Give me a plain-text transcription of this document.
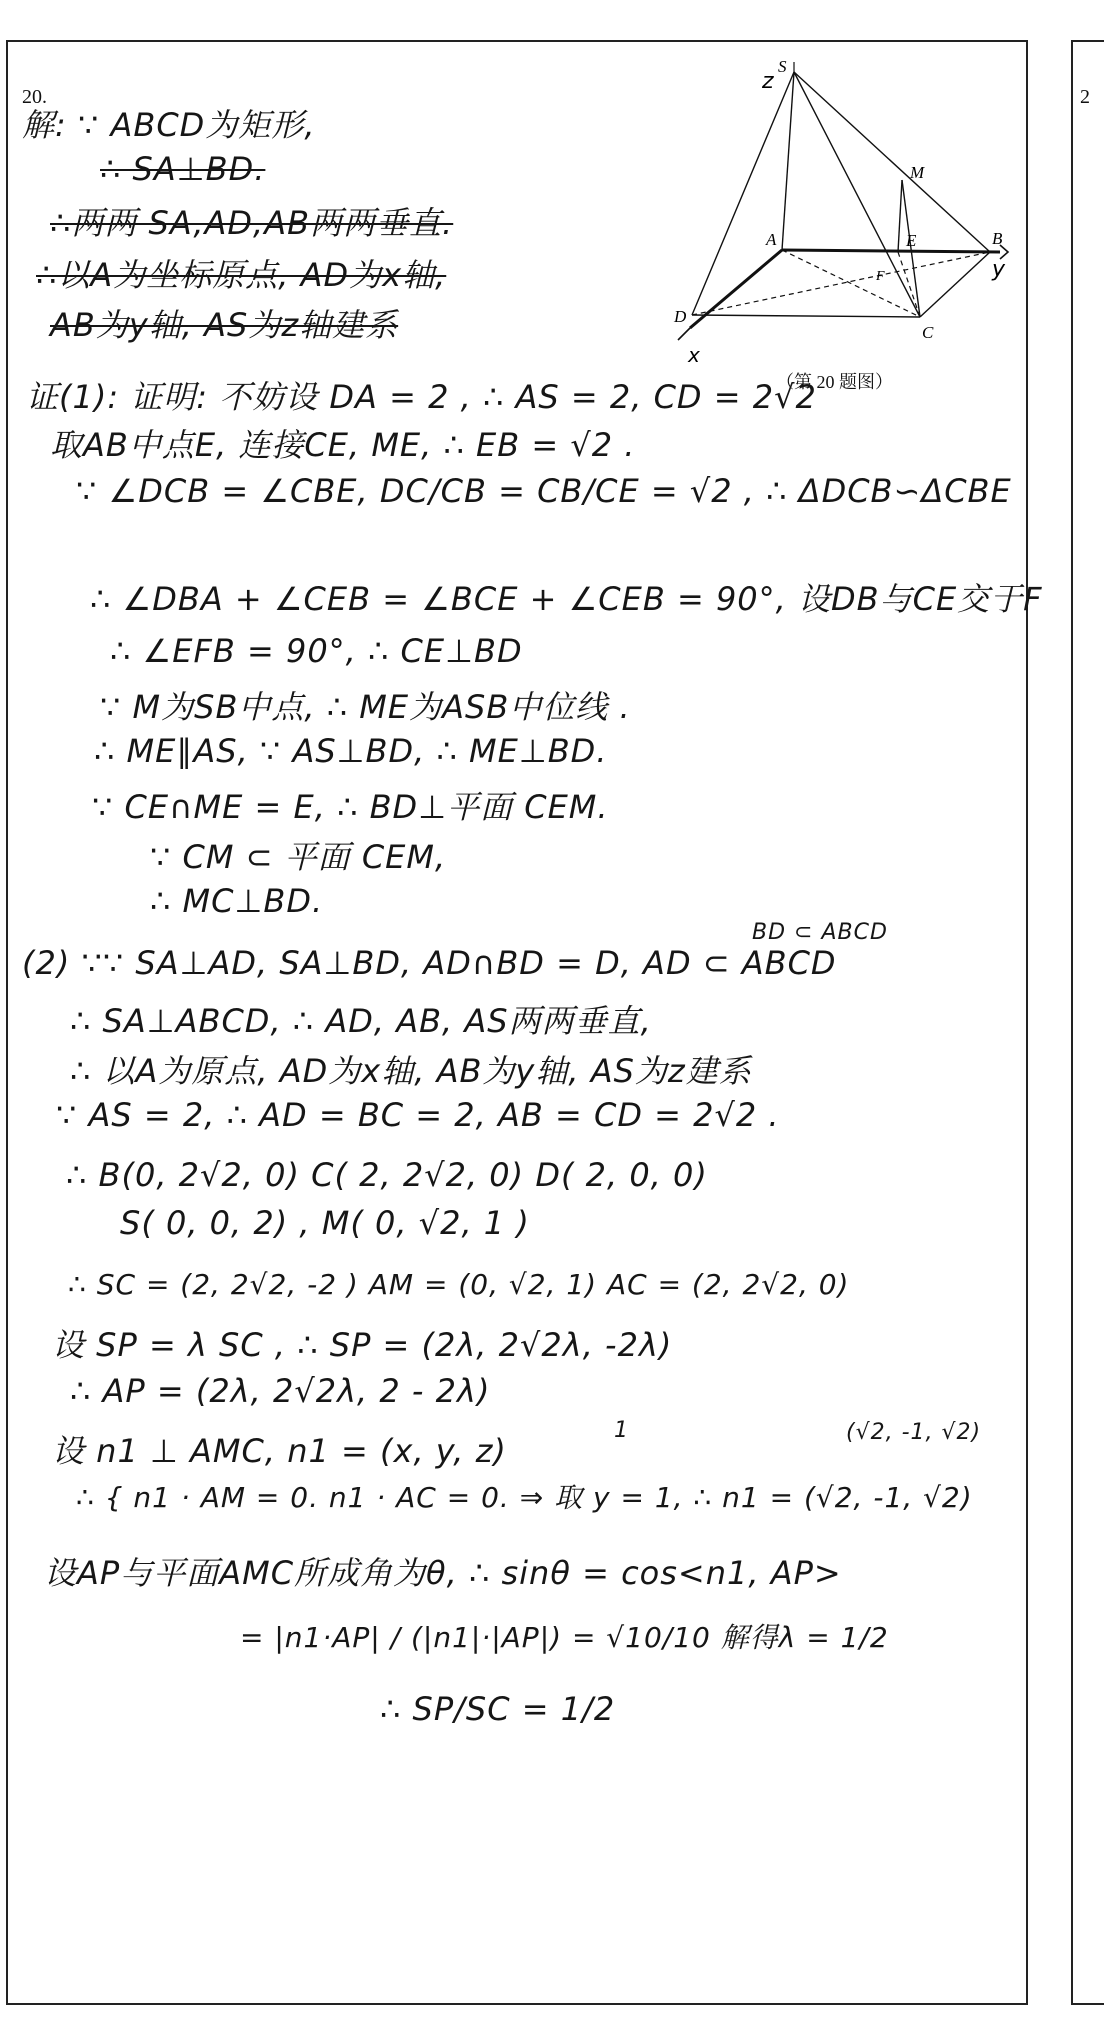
2
20.
z
S
M
A	E	B
y
F
D
C
x
（第 20 题图）
解: ∵ ABCD为矩形,
∴ SA⊥BD.
∴两两 SA,AD,AB两两垂直.
∴以A为坐标原点, AD为x轴,
AB为y轴, AS为z轴建系
证(1): 证明: 不妨设 DA = 2 , ∴ AS = 2, CD = 2√2
取AB中点E, 连接CE, ME, ∴ EB = √2 .
∵ ∠DCB = ∠CBE, DC/CB = CB/CE = √2 , ∴ ΔDCB∽ΔCBE
∴ ∠DBA + ∠CEB = ∠BCE + ∠CEB = 90°, 设DB与CE交于F
∴ ∠EFB = 90°, ∴ CE⊥BD
∵ M为SB中点, ∴ ME为ASB中位线 .
∴ ME∥AS, ∵ AS⊥BD, ∴ ME⊥BD.
∵ CE∩ME = E, ∴ BD⊥平面 CEM.
∵ CM ⊂ 平面 CEM,
∴ MC⊥BD.
BD ⊂ ABCD
(2) ∵∵ SA⊥AD, SA⊥BD, AD∩BD = D, AD ⊂ ABCD
∴ SA⊥ABCD, ∴ AD, AB, AS两两垂直,
∴ 以A为原点, AD为x轴, AB为y轴, AS为z建系
∵ AS = 2, ∴ AD = BC = 2, AB = CD = 2√2 .
∴ B(0, 2√2, 0) C( 2, 2√2, 0) D( 2, 0, 0)
S( 0, 0, 2) , M( 0, √2, 1 )
∴ SC = (2, 2√2, -2 ) AM = (0, √2, 1) AC = (2, 2√2, 0)
设 SP = λ SC , ∴ SP = (2λ, 2√2λ, -2λ)
∴ AP = (2λ, 2√2λ, 2 - 2λ)
设 n1 ⊥ AMC, n1 = (x, y, z)
1	(√2, -1, √2)
∴ { n1 · AM = 0. n1 · AC = 0. ⇒ 取 y = 1, ∴ n1 = (√2, -1, √2)
设AP与平面AMC所成角为θ, ∴ sinθ = cos<n1, AP>
= |n1·AP| / (|n1|·|AP|) = √10/10 解得λ = 1/2
∴ SP/SC = 1/2
